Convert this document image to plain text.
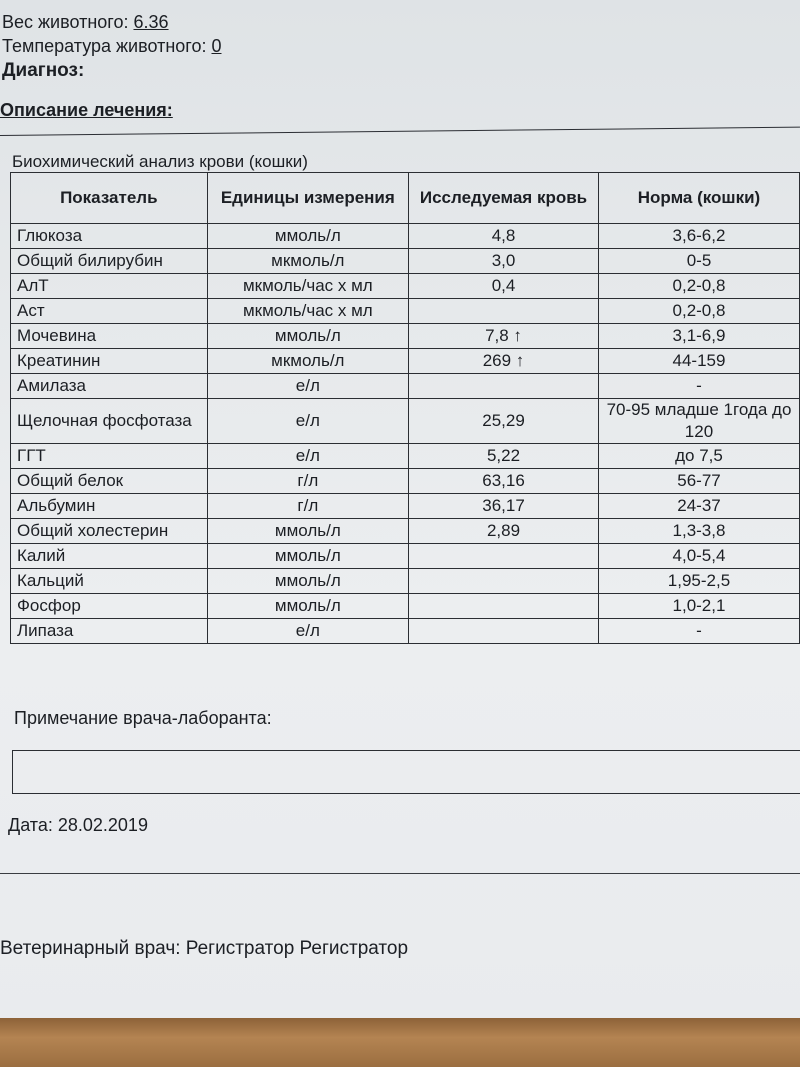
Вес животного: 6.36
Температура животного: 0
Диагноз:
Описание лечения:
Биохимический анализ крови (кошки)
Показатель	Единицы измерения	Исследуемая кровь	Норма (кошки)
Глюкоза	ммоль/л	4,8	3,6-6,2
Общий билирубин	мкмоль/л	3,0	0-5
АлТ	мкмоль/час х мл	0,4	0,2-0,8
Аст	мкмоль/час х мл		0,2-0,8
Мочевина	ммоль/л	7,8 ↑	3,1-6,9
Креатинин	мкмоль/л	269 ↑	44-159
Амилаза	е/л		-
Щелочная фосфотаза	е/л	25,29	70-95 младше 1года до 120
ГГТ	е/л	5,22	до 7,5
Общий белок	г/л	63,16	56-77
Альбумин	г/л	36,17	24-37
Общий холестерин	ммоль/л	2,89	1,3-3,8
Калий	ммоль/л		4,0-5,4
Кальций	ммоль/л		1,95-2,5
Фосфор	ммоль/л		1,0-2,1
Липаза	е/л		-
Примечание врача-лаборанта:
Дата: 28.02.2019
Ветеринарный врач: Регистратор Регистратор
